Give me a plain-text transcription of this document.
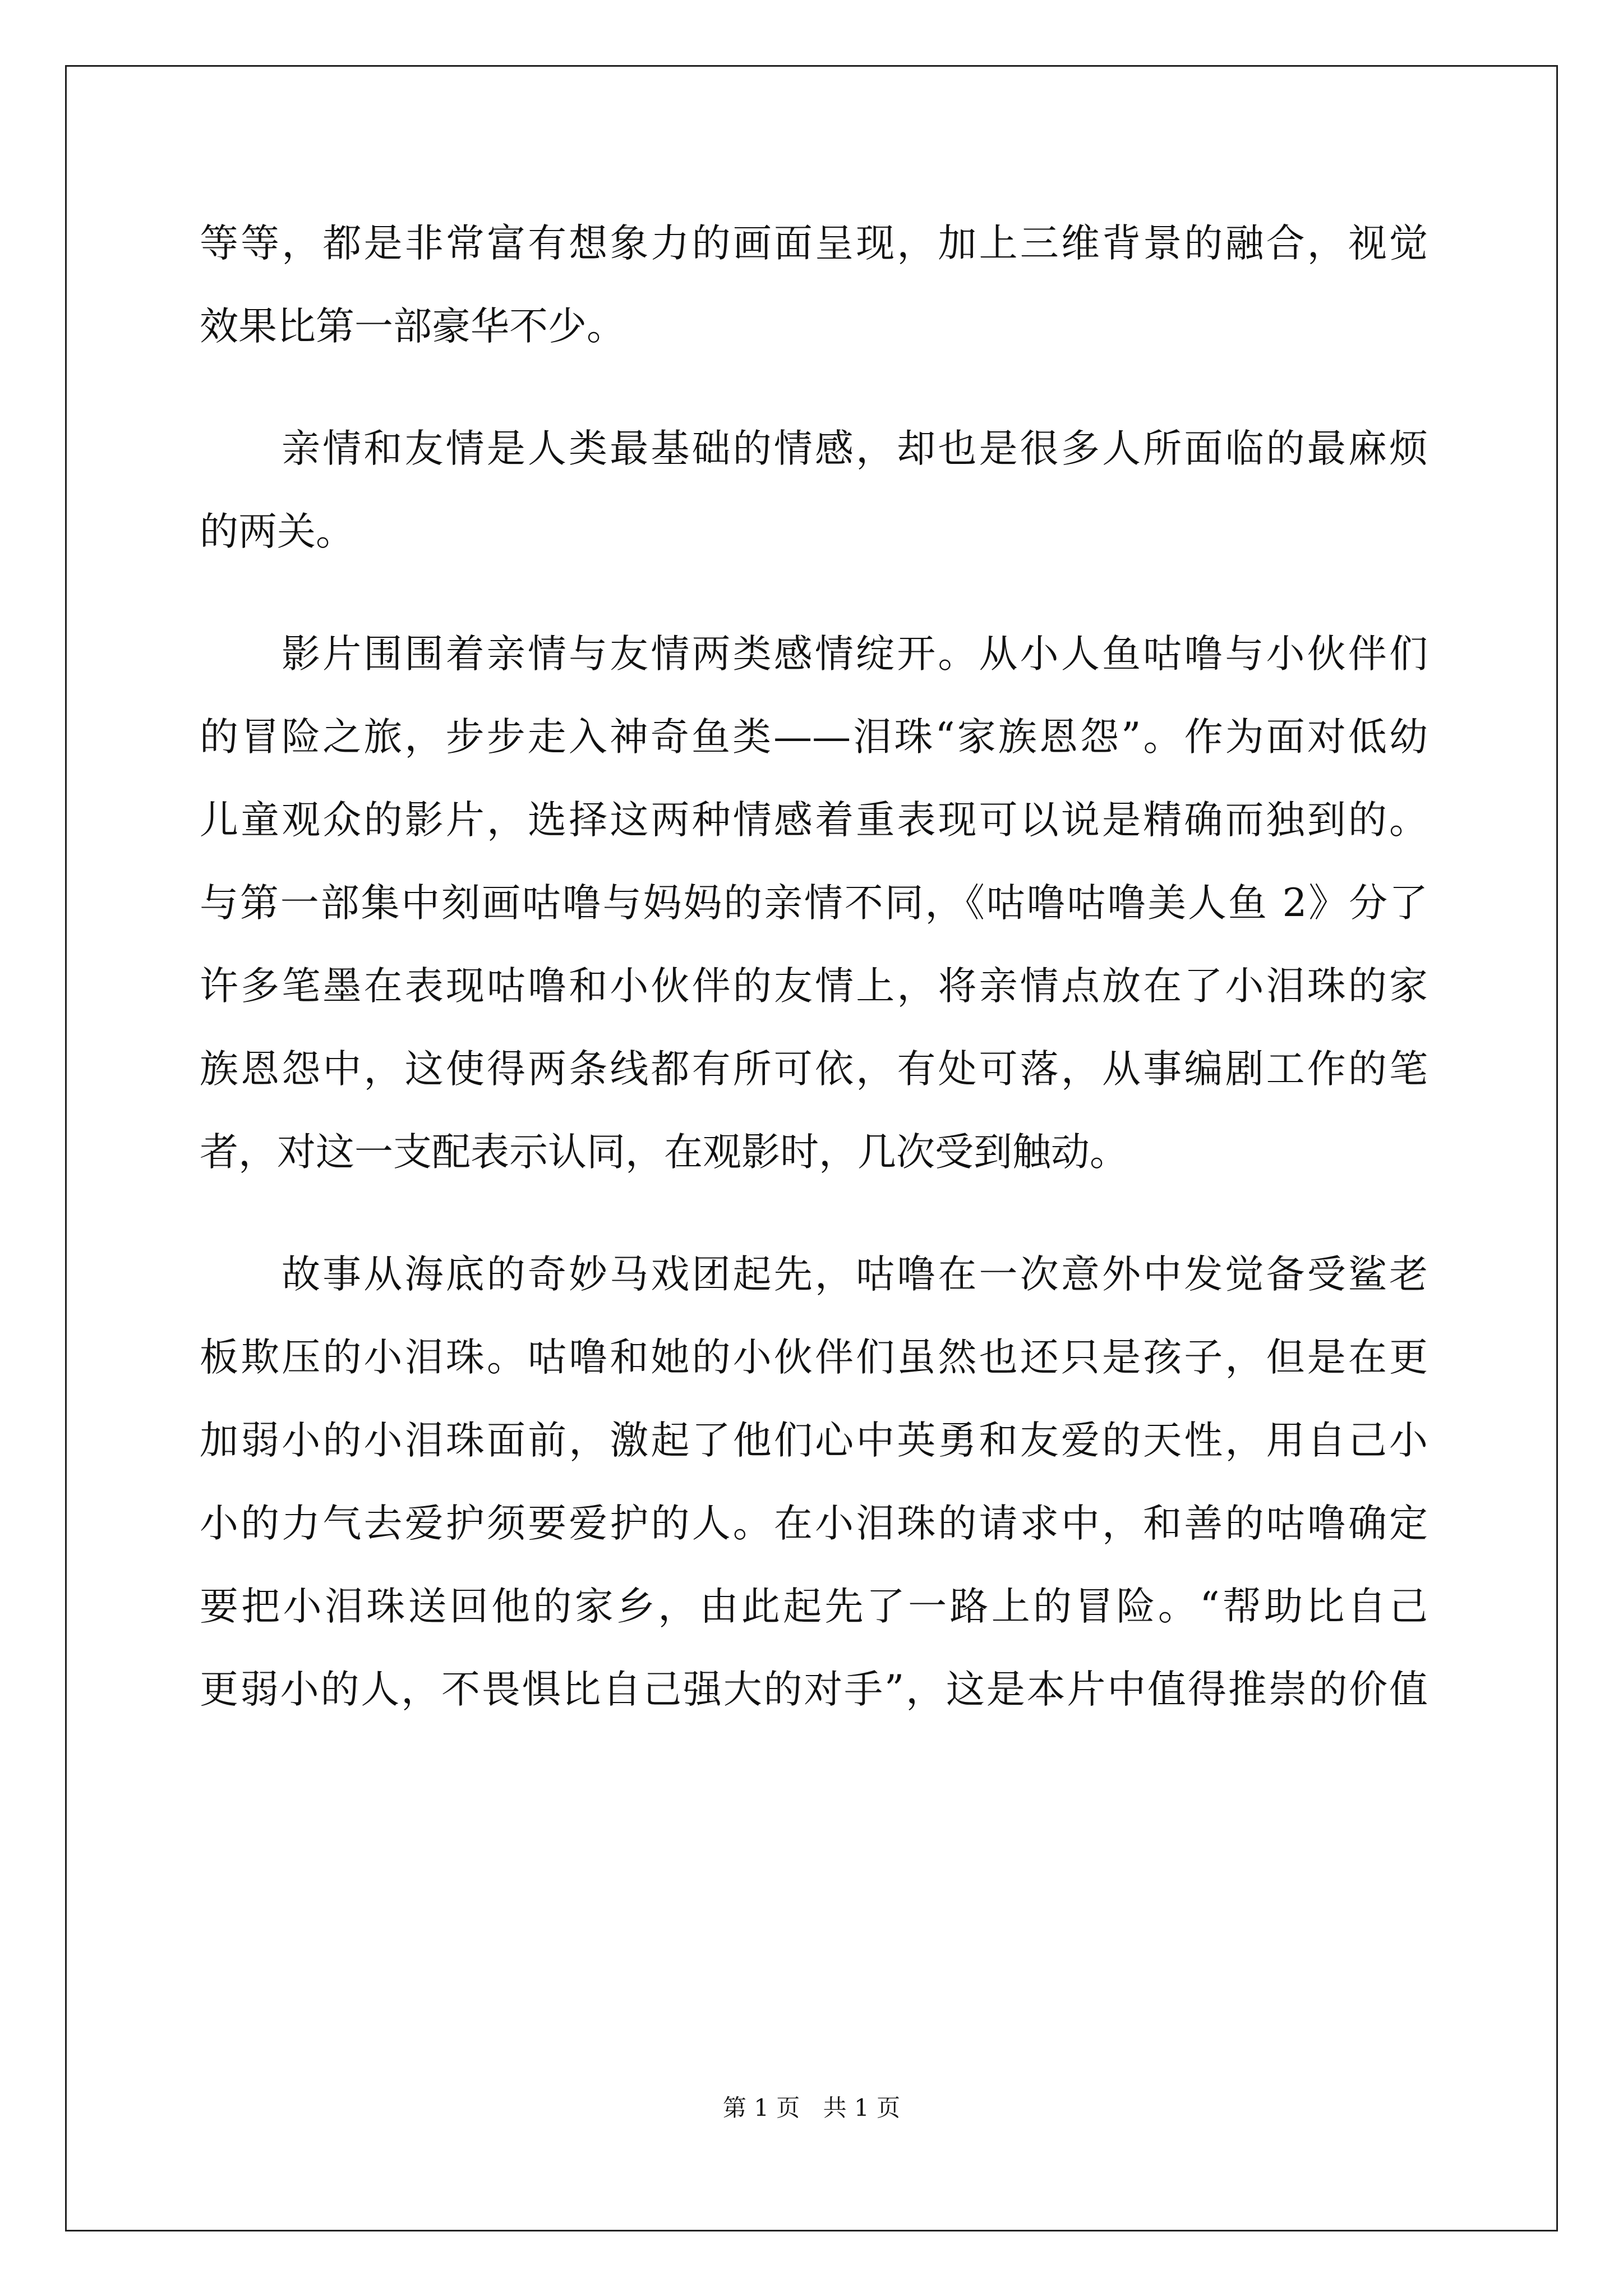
等等，都是非常富有想象力的画面呈现，加上三维背景的融合，视觉
效果比第一部豪华不少。
亲情和友情是人类最基础的情感，却也是很多人所面临的最麻烦
的两关。
影片围围着亲情与友情两类感情绽开。从小人鱼咕噜与小伙伴们
的冒险之旅，步步走入神奇鱼类——泪珠“家族恩怨”。作为面对低幼
儿童观众的影片，选择这两种情感着重表现可以说是精确而独到的。
与第一部集中刻画咕噜与妈妈的亲情不同，《咕噜咕噜美人鱼 2》分了
许多笔墨在表现咕噜和小伙伴的友情上，将亲情点放在了小泪珠的家
族恩怨中，这使得两条线都有所可依，有处可落，从事编剧工作的笔
者，对这一支配表示认同，在观影时，几次受到触动。
故事从海底的奇妙马戏团起先，咕噜在一次意外中发觉备受鲨老
板欺压的小泪珠。咕噜和她的小伙伴们虽然也还只是孩子，但是在更
加弱小的小泪珠面前，激起了他们心中英勇和友爱的天性，用自己小
小的力气去爱护须要爱护的人。在小泪珠的请求中，和善的咕噜确定
要把小泪珠送回他的家乡，由此起先了一路上的冒险。“帮助比自己
更弱小的人，不畏惧比自己强大的对手”，这是本片中值得推崇的价值
第 1 页 共 1 页
